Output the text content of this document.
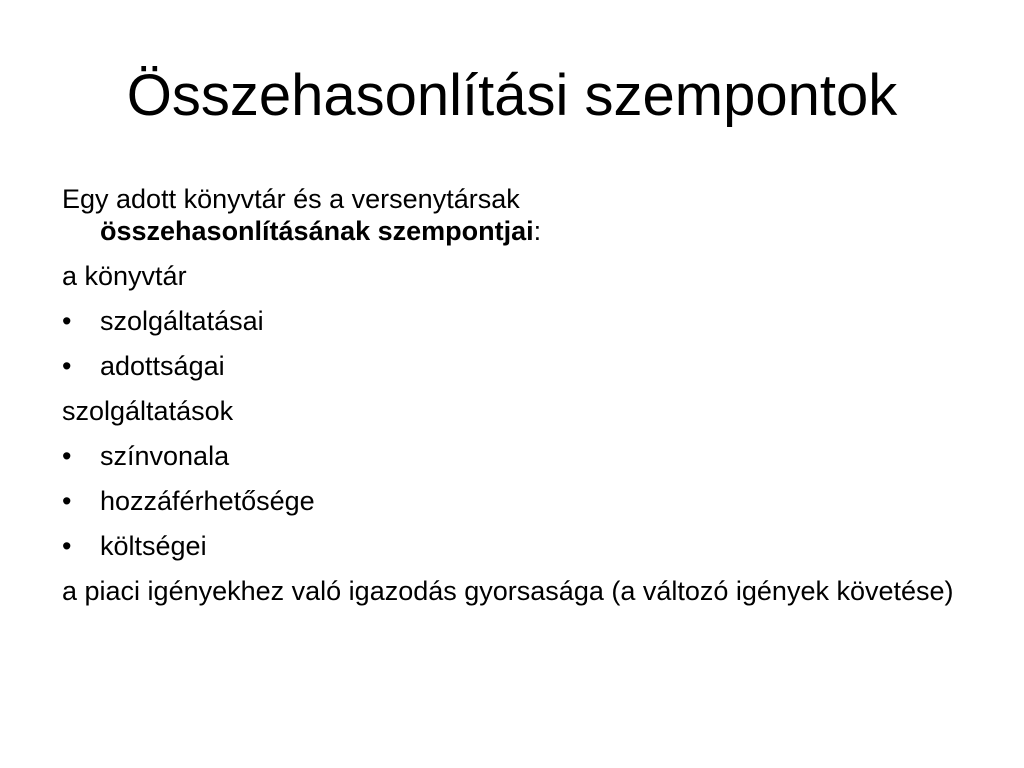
Összehasonlítási szempontok

Egy adott könyvtár és a versenytársak
összehasonlításának szempontjai:

a könyvtár

•	szolgáltatásai
•	adottságai

szolgáltatások

•	színvonala
•	hozzáférhetősége
•	költségei

a piaci igényekhez való igazodás gyorsasága (a változó igények követése)
